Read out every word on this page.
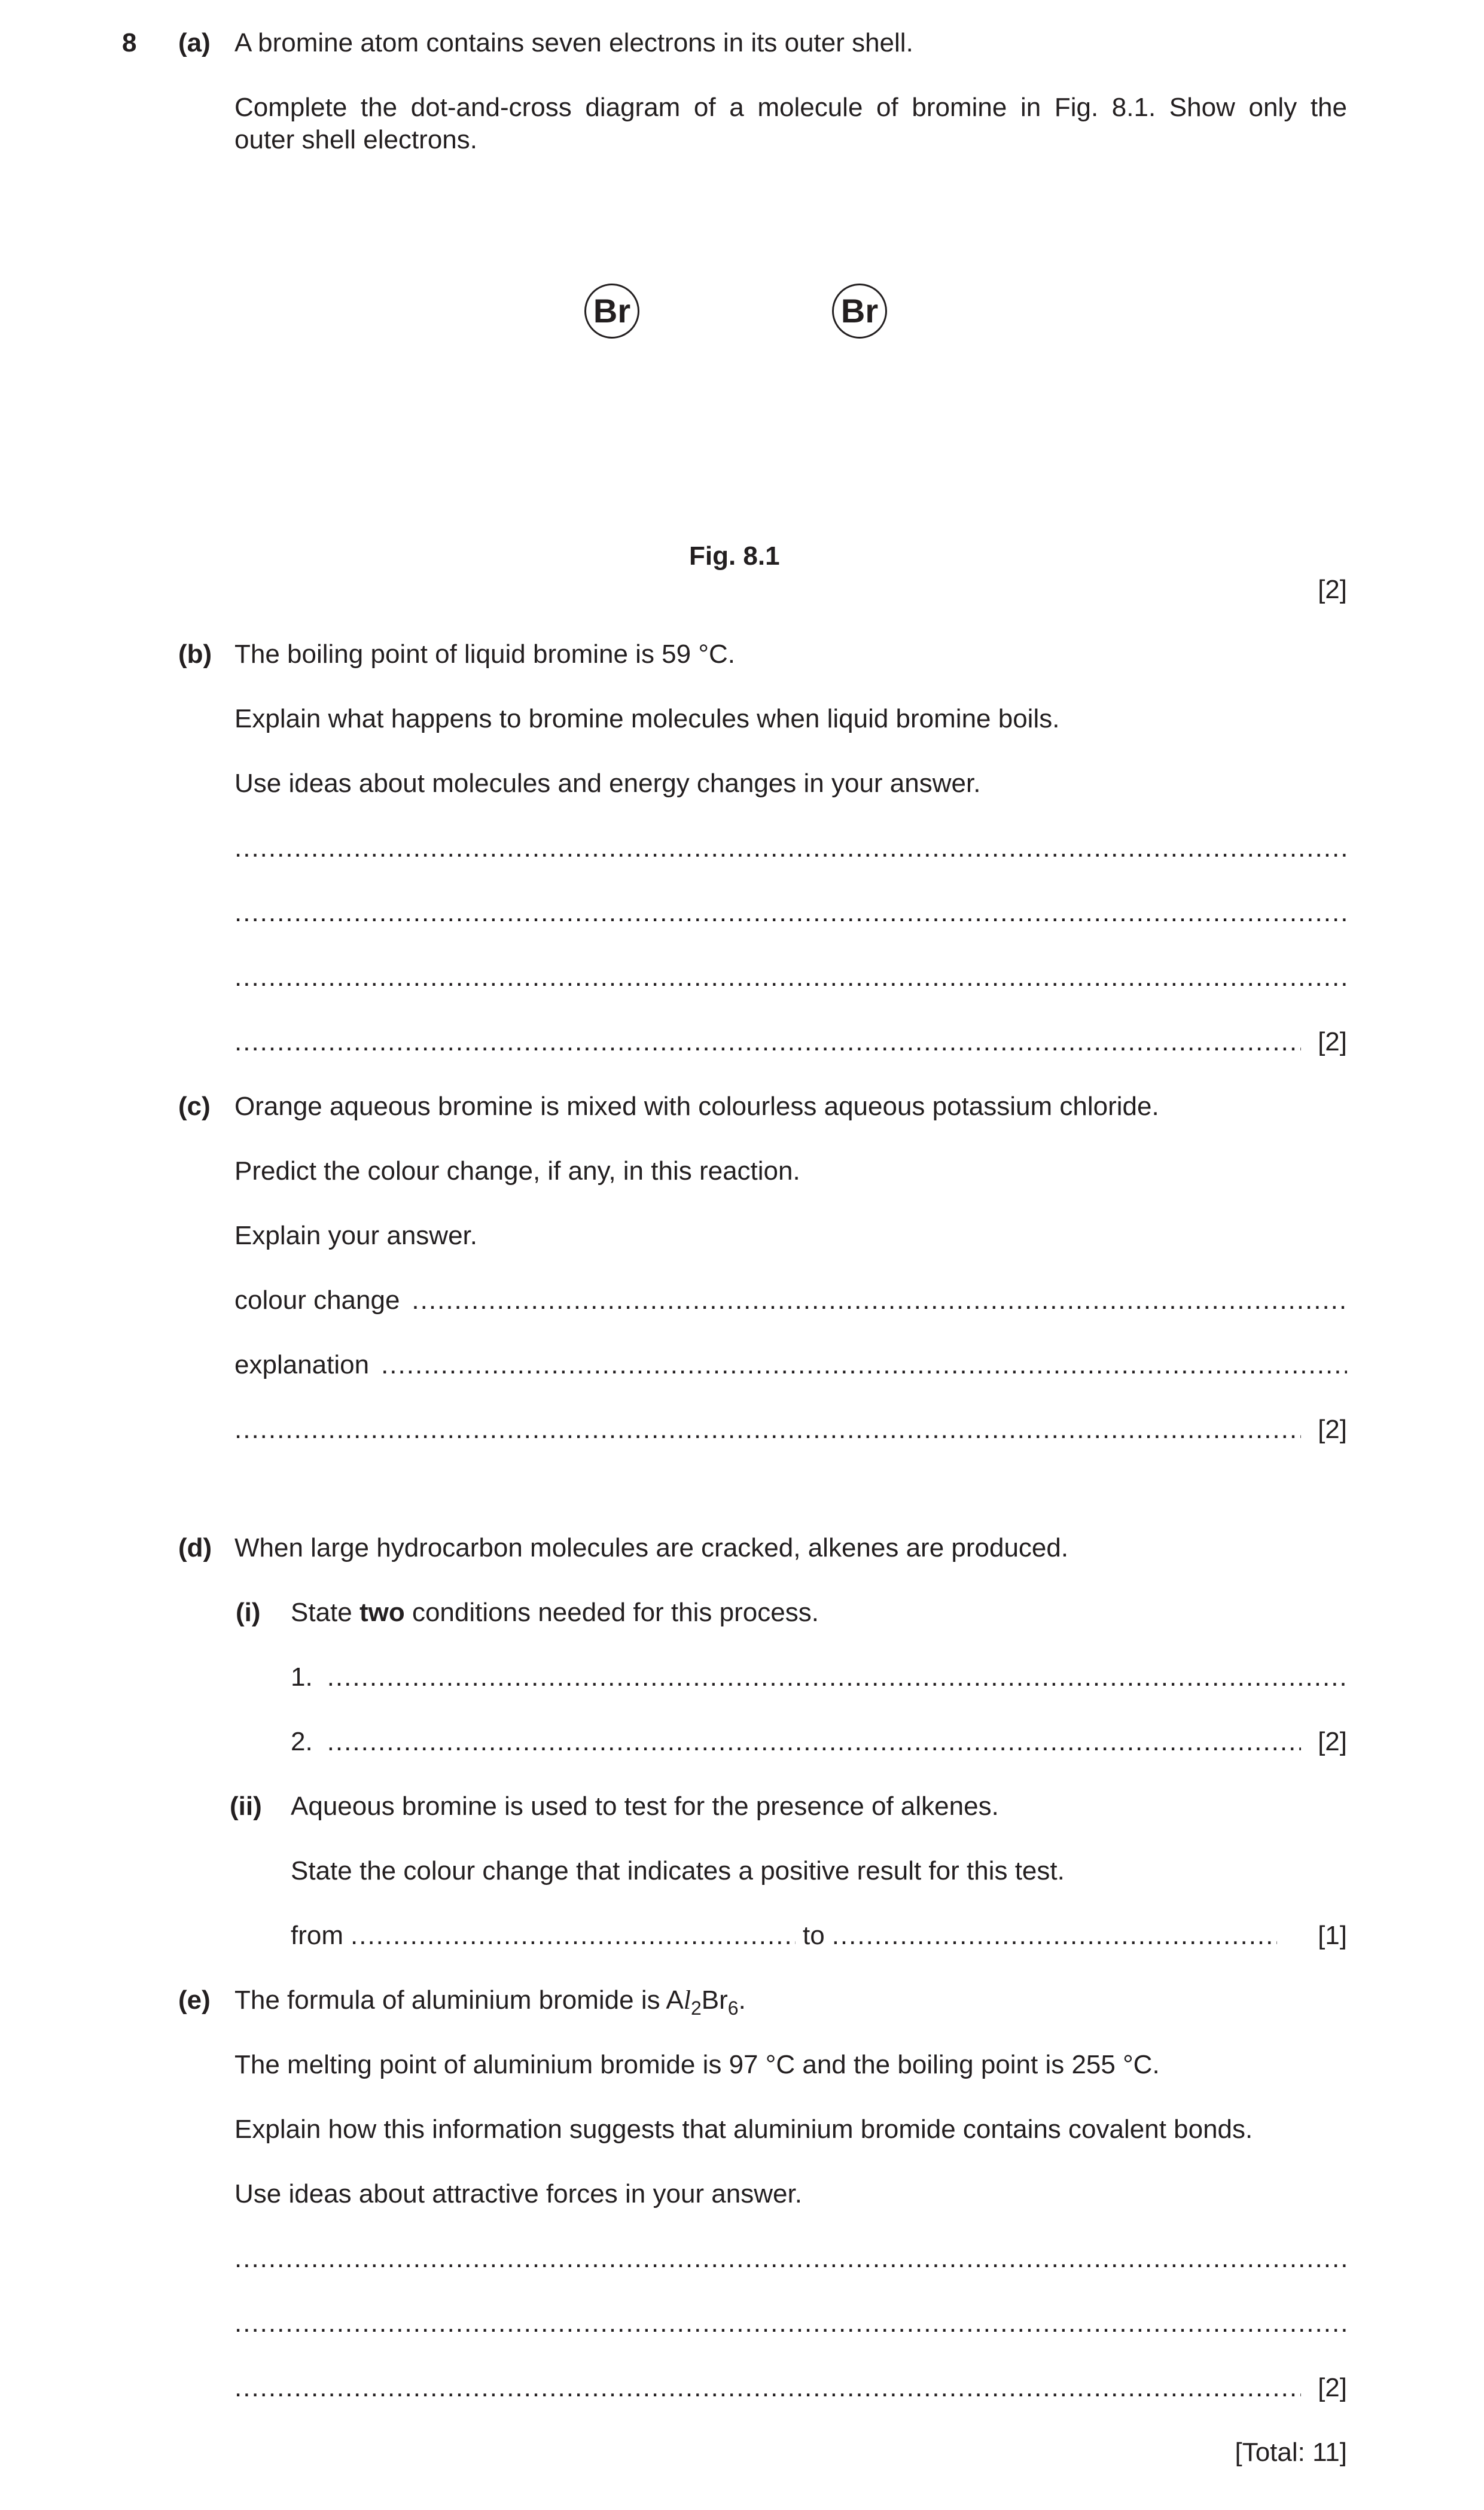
8 (a) A bromine atom contains seven electrons in its outer shell.
Complete the dot-and-cross diagram of a molecule of bromine in Fig. 8.1. Show only the
outer shell electrons.
Br	Br
Fig. 8.1
[2]
(b) The boiling point of liquid bromine is 59 °C.
Explain what happens to bromine molecules when liquid bromine boils.
Use ideas about molecules and energy changes in your answer.
.....
.....
.....
.....
[2]
(c) Orange aqueous bromine is mixed with colourless aqueous potassium chloride.
Predict the colour change, if any, in this reaction.
Explain your answer.
colour change
.....
explanation
.....
.....
[2]
(d) When large hydrocarbon molecules are cracked, alkenes are produced.
(i) State two conditions needed for this process.
1.
.....
2. .....	[2]
(ii) Aqueous bromine is used to test for the presence of alkenes.
State the colour change that indicates a positive result for this test.
from .....	to .....	[1]
(e) The formula of aluminium bromide is $Al_2Br_6$.
The melting point of aluminium bromide is 97 °C and the boiling point is 255 °C.
Explain how this information suggests that aluminium bromide contains covalent bonds.
Use ideas about attractive forces in your answer.
.....
.....
.....
[2]
[Total: 11]
